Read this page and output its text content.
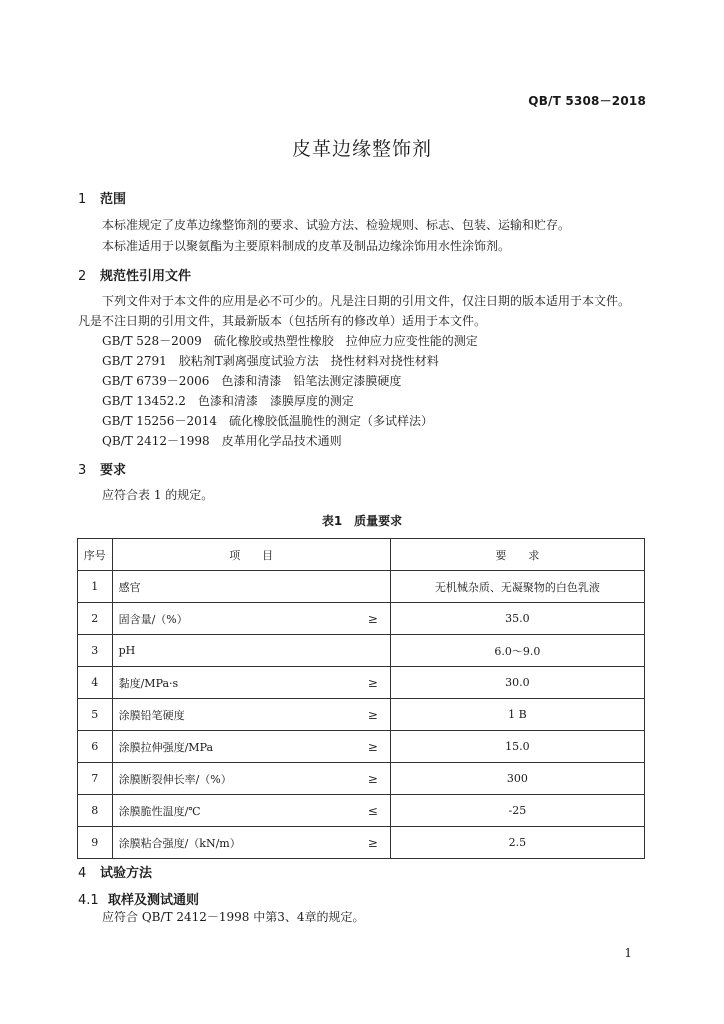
QB/T 5308－2018
皮革边缘整饰剂
1 范围
本标准规定了皮革边缘整饰剂的要求、试验方法、检验规则、标志、包装、运输和贮存。
本标准适用于以聚氨酯为主要原料制成的皮革及制品边缘涂饰用水性涂饰剂。
2 规范性引用文件
下列文件对于本文件的应用是必不可少的。凡是注日期的引用文件，仅注日期的版本适用于本文件。
凡是不注日期的引用文件，其最新版本（包括所有的修改单）适用于本文件。
GB/T 528－2009　硫化橡胶或热塑性橡胶　拉伸应力应变性能的测定
GB/T 2791　胶粘剂T剥离强度试验方法　挠性材料对挠性材料
GB/T 6739－2006　色漆和清漆　铅笔法测定漆膜硬度
GB/T 13452.2　色漆和清漆　漆膜厚度的测定
GB/T 15256－2014　硫化橡胶低温脆性的测定（多试样法）
QB/T 2412－1998　皮革用化学品技术通则
3 要求
应符合表 1 的规定。
表1　质量要求
序号	项　　目	要　　求
1	感官	无机械杂质、无凝聚物的白色乳液
2	固含量/（%） ≥	35.0
3	pH	6.0～9.0
4	黏度/MPa·s ≥	30.0
5	涂膜铅笔硬度 ≥	1 B
6	涂膜拉伸强度/MPa ≥	15.0
7	涂膜断裂伸长率/（%） ≥	300
8	涂膜脆性温度/℃ ≤	-25
9	涂膜粘合强度/（kN/m） ≥	2.5
4 试验方法
4.1 取样及测试通则
应符合 QB/T 2412－1998 中第3、4章的规定。
1
